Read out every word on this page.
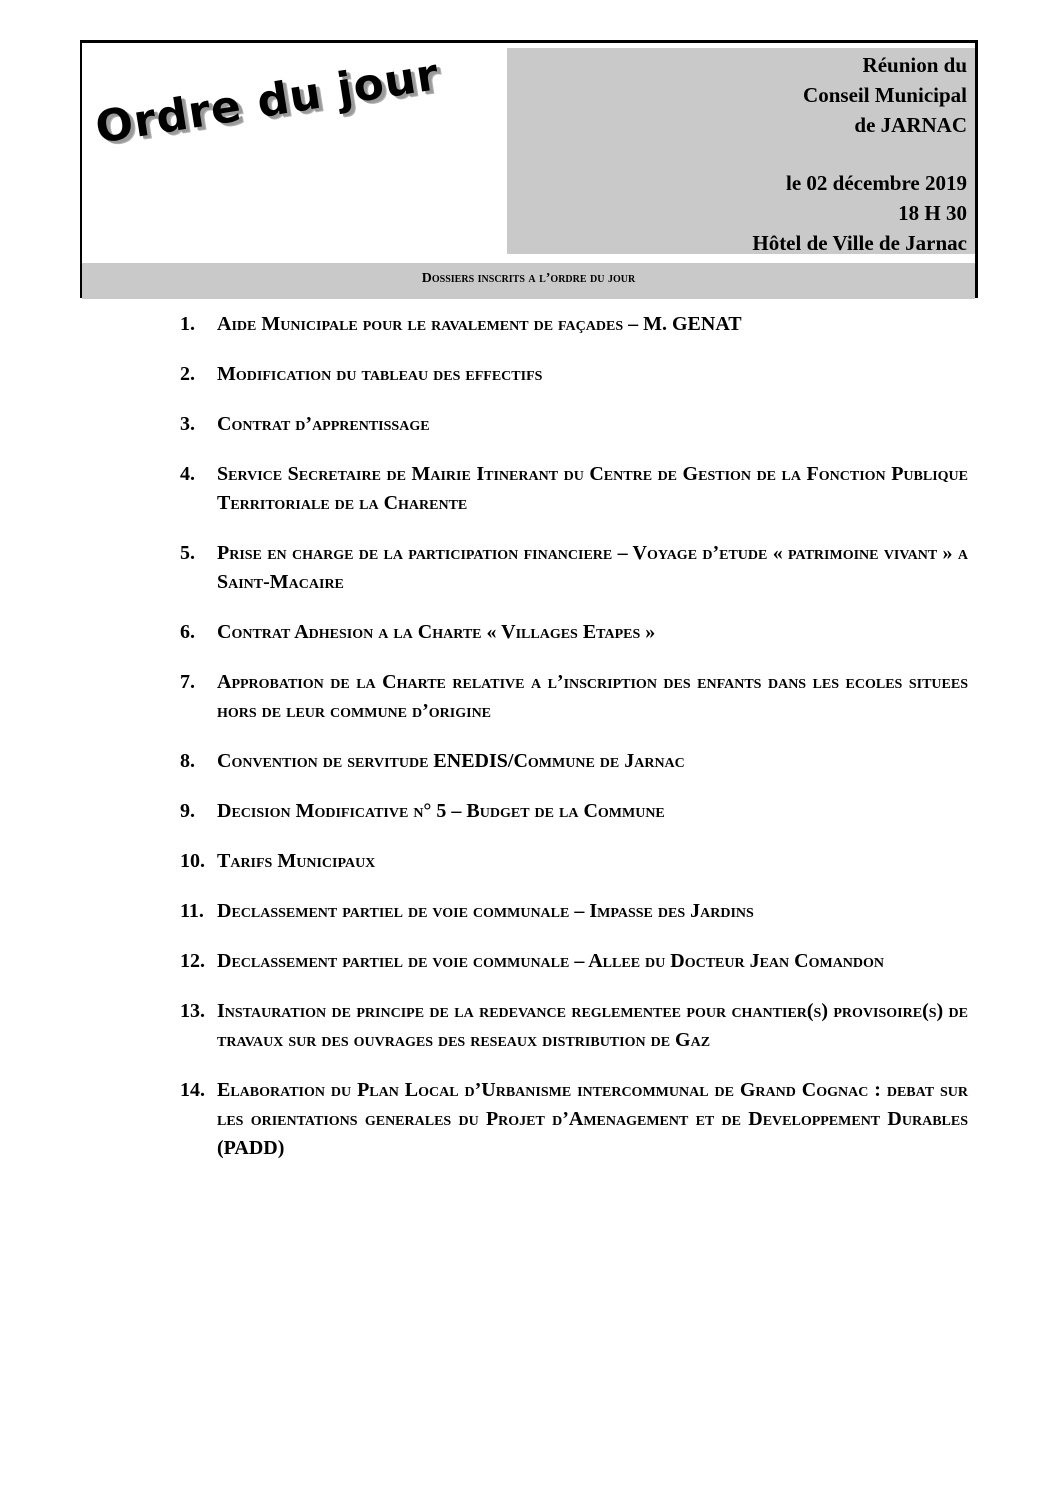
Ordre du jour	Réunion du
Conseil Municipal
de JARNAC
le 02 décembre 2019
18 H 30
Hôtel de Ville de Jarnac
Dossiers inscrits a l’ordre du jour
1.	Aide Municipale pour le ravalement de façades – M. GENAT
2.	Modification du tableau des effectifs
3.	Contrat d’apprentissage
4.	Service Secretaire de Mairie Itinerant du Centre de Gestion de la Fonction Publique Territoriale de la Charente
5.	Prise en charge de la participation financiere – Voyage d’etude « patrimoine vivant » a Saint-Macaire
6.	Contrat Adhesion a la Charte « Villages Etapes »
7.	Approbation de la Charte relative a l’inscription des enfants dans les ecoles situees hors de leur commune d’origine
8.	Convention de servitude ENEDIS/Commune de Jarnac
9.	Decision Modificative n° 5 – Budget de la Commune
10. Tarifs Municipaux
11. Declassement partiel de voie communale – Impasse des Jardins
12. Declassement partiel de voie communale – Allee du Docteur Jean Comandon
13. Instauration de principe de la redevance reglementee pour chantier(s) provisoire(s) de travaux sur des ouvrages des reseaux distribution de Gaz
14. Elaboration du Plan Local d’Urbanisme intercommunal de Grand Cognac : debat sur les orientations generales du Projet d’Amenagement et de Developpement Durables (PADD)
